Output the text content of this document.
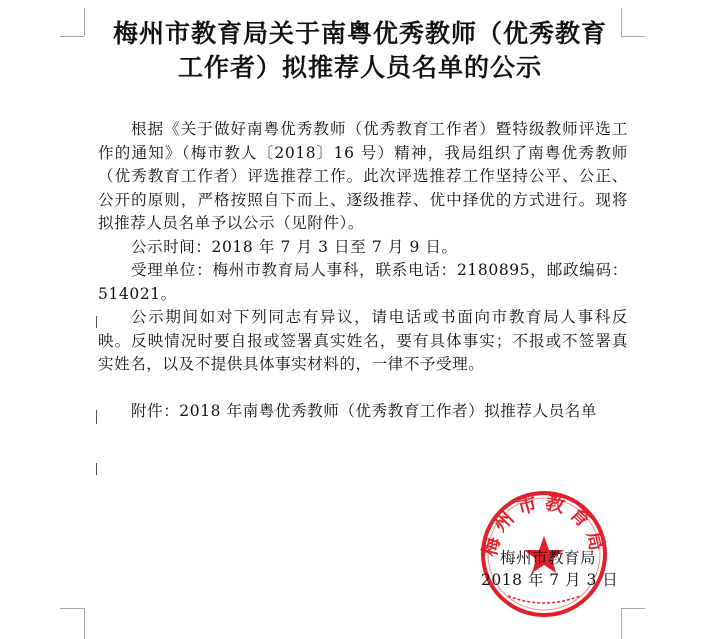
梅州市教育局关于南粤优秀教师（优秀教育
工作者）拟推荐人员名单的公示

根据《关于做好南粤优秀教师（优秀教育工作者）暨特级教师评选工作的通知》（梅市教人〔2018〕16 号）精神，我局组织了南粤优秀教师（优秀教育工作者）评选推荐工作。此次评选推荐工作坚持公平、公正、公开的原则，严格按照自下而上、逐级推荐、优中择优的方式进行。现将拟推荐人员名单予以公示（见附件）。

公示时间：2018 年 7 月 3 日至 7 月 9 日。

受理单位：梅州市教育局人事科，联系电话：2180895，邮政编码：514021。

公示期间如对下列同志有异议，请电话或书面向市教育局人事科反映。反映情况时要自报或签署真实姓名，要有具体事实；不报或不签署真实姓名，以及不提供具体事实材料的，一律不予受理。

附件：2018 年南粤优秀教师（优秀教育工作者）拟推荐人员名单

梅州市教育局
梅州市教育局
2018 年 7 月 3 日
